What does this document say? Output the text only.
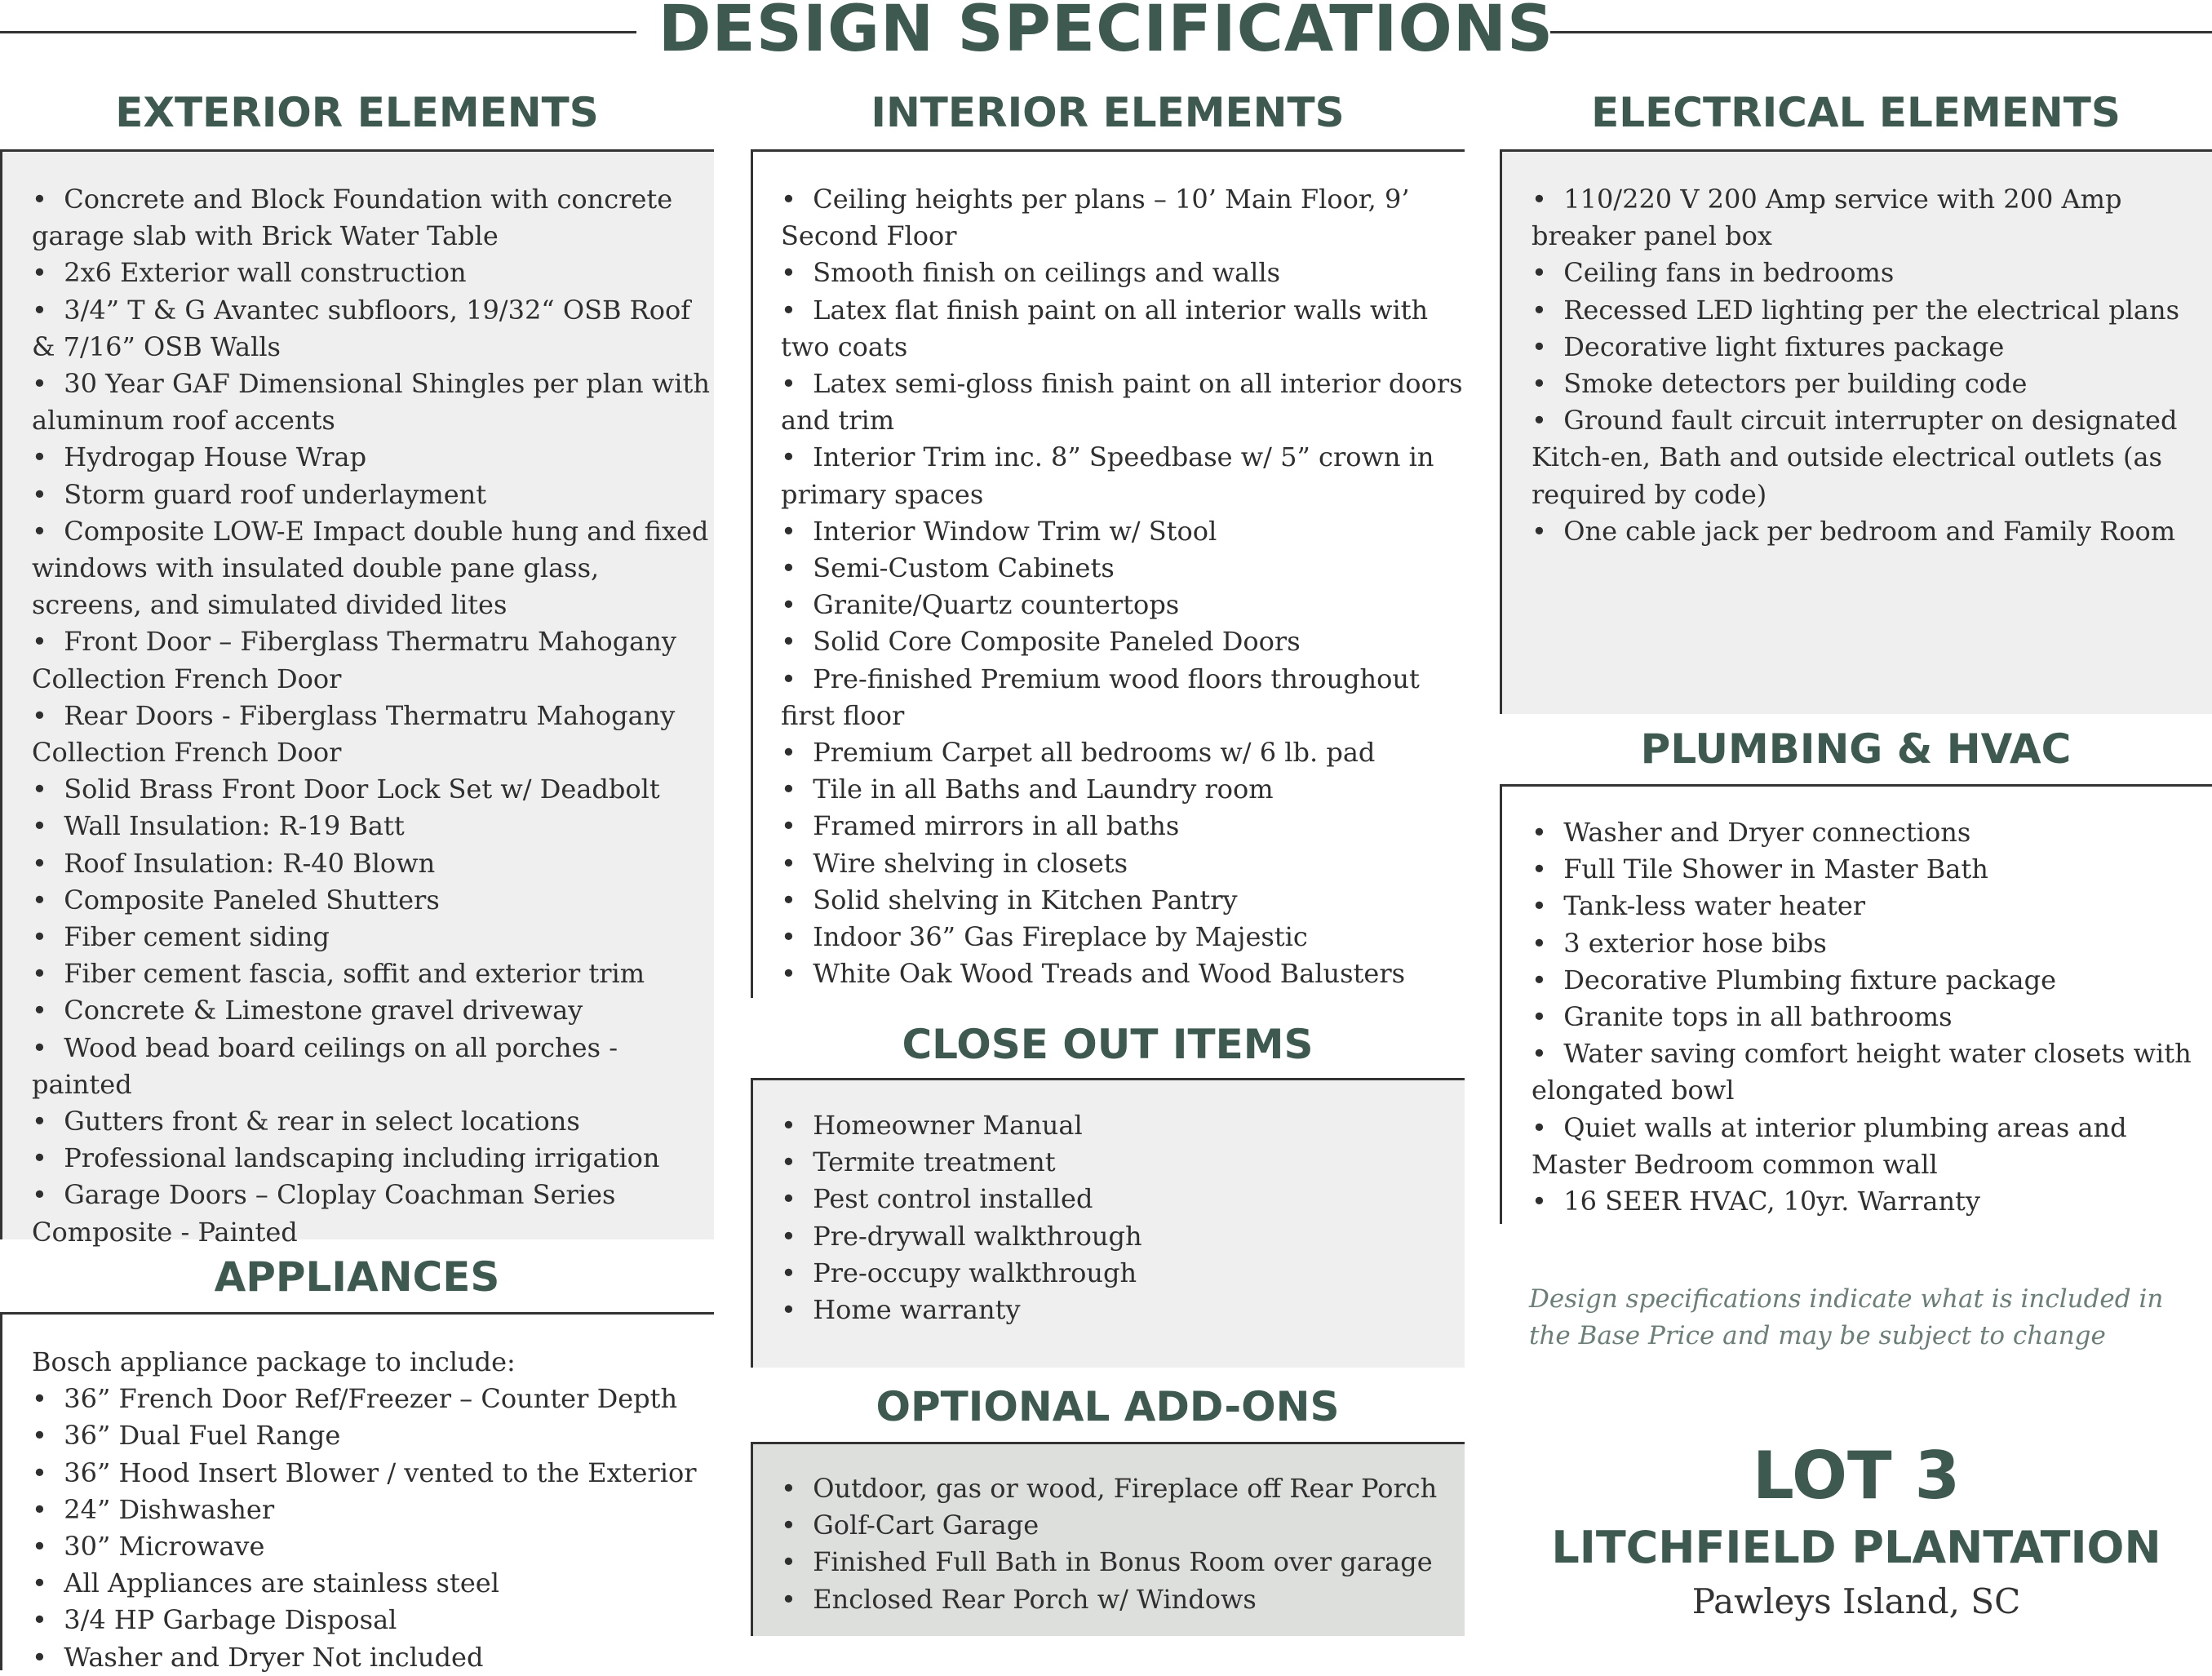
DESIGN SPECIFICATIONS
EXTERIOR ELEMENTS
•  Concrete and Block Foundation with concrete garage slab with Brick Water Table
•  2x6 Exterior wall construction
•  3/4” T & G Avantec subfloors, 19/32“ OSB Roof & 7/16” OSB Walls
•  30 Year GAF Dimensional Shingles per plan with aluminum roof accents
•  Hydrogap House Wrap
•  Storm guard roof underlayment
•  Composite LOW-E Impact double hung and fixed windows with insulated double pane glass, screens, and simulated divided lites
•  Front Door – Fiberglass Thermatru Mahogany Collection French Door
•  Rear Doors - Fiberglass Thermatru Mahogany Collection French Door
•  Solid Brass Front Door Lock Set w/ Deadbolt
•  Wall Insulation: R-19 Batt
•  Roof Insulation: R-40 Blown
•  Composite Paneled Shutters
•  Fiber cement siding
•  Fiber cement fascia, soffit and exterior trim
•  Concrete & Limestone gravel driveway
•  Wood bead board ceilings on all porches - painted
•  Gutters front & rear in select locations
•  Professional landscaping including irrigation
•  Garage Doors – Cloplay Coachman Series Composite - Painted
APPLIANCES
Bosch appliance package to include:
•  36” French Door Ref/Freezer – Counter Depth
•  36” Dual Fuel Range
•  36” Hood Insert Blower / vented to the Exterior
•  24” Dishwasher
•  30” Microwave
•  All Appliances are stainless steel
•  3/4 HP Garbage Disposal
•  Washer and Dryer Not included
INTERIOR ELEMENTS
•  Ceiling heights per plans – 10’ Main Floor, 9’ Second Floor
•  Smooth finish on ceilings and walls
•  Latex flat finish paint on all interior walls with two coats
•  Latex semi-gloss finish paint on all interior doors and trim
•  Interior Trim inc. 8” Speedbase w/ 5” crown in primary spaces
•  Interior Window Trim w/ Stool
•  Semi-Custom Cabinets
•  Granite/Quartz countertops
•  Solid Core Composite Paneled Doors
•  Pre-finished Premium wood floors throughout first floor
•  Premium Carpet all bedrooms w/ 6 lb. pad
•  Tile in all Baths and Laundry room
•  Framed mirrors in all baths
•  Wire shelving in closets
•  Solid shelving in Kitchen Pantry
•  Indoor 36” Gas Fireplace by Majestic
•  White Oak Wood Treads and Wood Balusters
CLOSE OUT ITEMS
•  Homeowner Manual
•  Termite treatment
•  Pest control installed
•  Pre-drywall walkthrough
•  Pre-occupy walkthrough
•  Home warranty
OPTIONAL ADD-ONS
•  Outdoor, gas or wood, Fireplace off Rear Porch
•  Golf-Cart Garage
•  Finished Full Bath in Bonus Room over garage
•  Enclosed Rear Porch w/ Windows
ELECTRICAL ELEMENTS
•  110/220 V 200 Amp service with 200 Amp breaker panel box
•  Ceiling fans in bedrooms
•  Recessed LED lighting per the electrical plans
•  Decorative light fixtures package
•  Smoke detectors per building code
•  Ground fault circuit interrupter on designated Kitch-en, Bath and outside electrical outlets (as required by code)
•  One cable jack per bedroom and Family Room
PLUMBING & HVAC
•  Washer and Dryer connections
•  Full Tile Shower in Master Bath
•  Tank-less water heater
•  3 exterior hose bibs
•  Decorative Plumbing fixture package
•  Granite tops in all bathrooms
•  Water saving comfort height water closets with elongated bowl
•  Quiet walls at interior plumbing areas and Master Bedroom common wall
•  16 SEER HVAC, 10yr. Warranty
Design specifications indicate what is included in the Base Price and may be subject to change
LOT 3
LITCHFIELD PLANTATION
Pawleys Island, SC
